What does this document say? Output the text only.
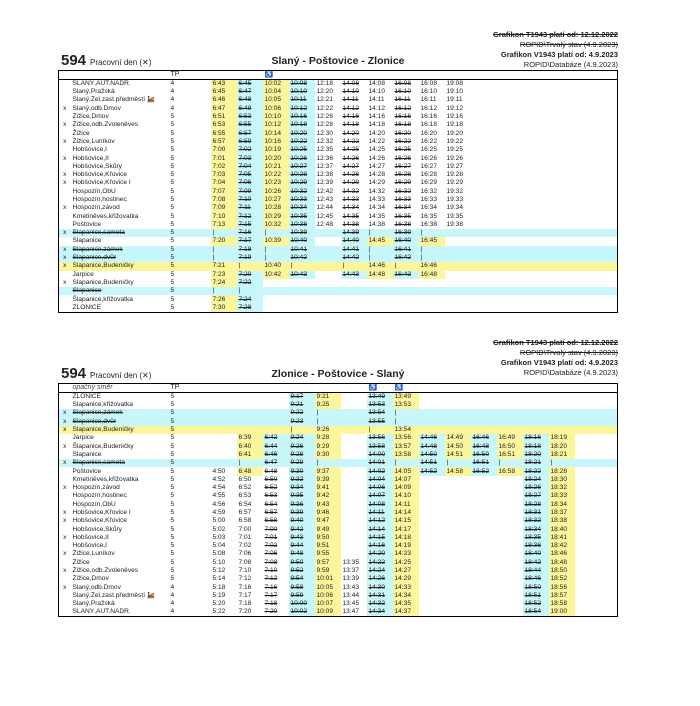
594 Pracovní den (✕)	Slaný - Poštovice - Zlonice
Grafikon T1943 platí od: 12.12.2022
ROPID\Trvalý stav (4.9.2023)
Grafikon V1943 platí od: 4.9.2023
ROPID\Databáze (4.9.2023)
		TP			♿								
	SLANÝ,AUT.NÁDR.	4	6:43	6:45	10:02	10:08	12:18	14:08	14:08	16:08	16:08	19:08	
	Slaný,Pražská	4	6:45	6:47	10:04	10:10	12:20	14:10	14:10	16:10	16:10	19:10	
	Slaný,Žel.zast.předměstí 🚂	4	6:46	6:48	10:05	10:11	12:21	14:11	14:11	16:11	16:11	19:11	
x	Slaný,odb.Dmov	4	6:47	6:49	10:06	10:12	12:22	14:12	14:12	16:12	16:12	19:12	
	Žižice,Dmov	5	6:51	6:53	10:10	10:16	12:26	14:16	14:16	16:16	16:16	19:16	
x	Žižice,odb.Zvoleněves	5	6:53	6:55	10:12	10:18	12:28	14:18	14:18	16:18	16:18	19:18	
	Žižice	5	6:55	6:57	10:14	10:20	12:30	14:20	14:20	16:20	16:20	19:20	
x	Žižice,Luníkov	5	6:57	6:59	10:16	10:22	12:32	14:22	14:22	16:22	16:22	19:22	
	Hobšovice,I	5	7:00	7:02	10:19	10:25	12:35	14:25	14:25	16:25	16:25	19:25	
x	Hobšovice,II	5	7:01	7:03	10:20	10:26	12:36	14:26	14:26	16:26	16:26	19:26	
	Hobšovice,Skůry	5	7:02	7:04	10:21	10:27	12:37	14:27	14:27	16:27	16:27	19:27	
x	Hobšovice,Křovice	5	7:03	7:05	10:22	10:28	12:38	14:28	14:28	16:28	16:28	19:28	
x	Hobšovice,Křovice I	5	7:04	7:06	10:23	10:29	12:39	14:29	14:29	16:29	16:29	19:29	
	Hospozín,ObÚ	5	7:07	7:09	10:26	10:32	12:42	14:32	14:32	16:32	16:32	19:32	
	Hospozín,hostinec	5	7:08	7:10	10:27	10:33	12:43	14:33	14:33	16:33	16:33	19:33	
x	Hospozín,závod	5	7:09	7:11	10:28	10:34	12:44	14:34	14:34	16:34	16:34	19:34	
	Kmetiněves,křižovatka	5	7:10	7:12	10:29	10:35	12:45	14:35	14:35	16:35	16:35	19:35	
	Poštovice	5	7:13	7:15	10:32	10:38	12:48	14:38	14:38	16:38	16:38	19:38	
x	Šlapanice,samota	5	|	7:16	|	10:39		14:39	|	16:39	|		
	Šlapanice	5	7:20	7:17	10:39	10:40		14:40	14:45	16:40	16:45		
x	Šlapanice,zámek	5	|	7:18	|	10:41		14:41	|	16:41	|		
x	Šlapanice,dvůr	5	|	7:19	|	10:42		14:42	|	16:42	|		
x	Šlapanice,Budeničky	5	7:21	|	10:40	|		|	14:46	|	16:46		
	Jarpice	5	7:23	7:20	10:42	10:43		14:43	14:48	16:43	16:48		
x	Šlapanice,Budeničky	5	7:24	7:22									
	Šlapanice	5	|	|									
	Šlapanice,křižovatka	5	7:26	7:24									
	ZLONICE	5	7:30	7:28									
594 Pracovní den (✕)	Zlonice - Poštovice - Slaný
Grafikon T1943 platí od: 12.12.2022
ROPID\Trvalý stav (4.9.2023)
Grafikon V1943 platí od: 4.9.2023
ROPID\Databáze (4.9.2023)
	opačný směr	TP							♿	♿							
	ZLONICE	5				9:17	9:21		13:49	13:49							
	Šlapanice,křižovatka	5				9:21	9:25		13:53	13:53							
x	Šlapanice,zámek	5				9:22	|		13:54	|							
x	Šlapanice,dvůr	5				9:23	|		13:55	|							
x	Šlapanice,Budeničky	5				|	9:26		|	13:54							
	Jarpice	5		6:39	6:42	9:24	9:28		13:56	13:56	14:46	14:49	16:46	16:49	18:16	18:19	
x	Šlapanice,Budeničky	5		6:40	6:44	9:26	9:29		13:58	13:57	14:48	14:50	16:48	16:50	18:18	18:20	
	Šlapanice	5		6:41	6:46	9:28	9:30		14:00	13:58	14:50	14:51	16:50	16:51	18:20	18:21	
x	Šlapanice,samota	5		|	6:47	9:29	|		14:01	|	14:51	|	16:51	|	18:21	|	
	Poštovice	5	4:50	6:48	6:48	9:30	9:37		14:02	14:05	14:52	14:58	16:52	16:58	18:22	18:28	
	Kmetiněves,křižovatka	5	4:52	6:50	6:50	9:32	9:39		14:04	14:07					18:24	18:30	
x	Hospozín,závod	5	4:54	6:52	6:52	9:34	9:41		14:06	14:09					18:26	18:32	
	Hospozín,hostinec	5	4:55	6:53	6:53	9:35	9:42		14:07	14:10					18:27	18:33	
	Hospozín,ObÚ	5	4:56	6:54	6:54	9:36	9:43		14:08	14:11					18:28	18:34	
x	Hobšovice,Křovice I	5	4:59	6:57	6:57	9:39	9:46		14:11	14:14					18:31	18:37	
x	Hobšovice,Křovice	5	5:00	6:58	6:58	9:40	9:47		14:12	14:15					18:32	18:38	
	Hobšovice,Skůry	5	5:02	7:00	7:00	9:42	9:49		14:14	14:17					18:34	18:40	
x	Hobšovice,II	5	5:03	7:01	7:01	9:43	9:50		14:15	14:18					18:35	18:41	
	Hobšovice,I	5	5:04	7:02	7:02	9:44	9:51		14:16	14:19					18:36	18:42	
x	Žižice,Luníkov	5	5:08	7:06	7:06	9:48	9:55		14:20	14:23					18:40	18:46	
	Žižice	5	5:10	7:08	7:08	9:50	9:57	13:35	14:22	14:25					18:42	18:48	
x	Žižice,odb.Zvoleněves	5	5:12	7:10	7:10	9:52	9:59	13:37	14:24	14:27					18:44	18:50	
	Žižice,Dmov	5	5:14	7:12	7:12	9:54	10:01	13:39	14:26	14:29					18:46	18:52	
x	Slaný,odb.Dmov	4	5:18	7:16	7:16	9:58	10:05	13:43	14:30	14:33					18:50	18:56	
	Slaný,Žel.zast.předměstí 🚂	4	5:19	7:17	7:17	9:59	10:06	13:44	14:31	14:34					18:51	18:57	
	Slaný,Pražská	4	5:20	7:18	7:18	10:00	10:07	13:45	14:32	14:35					18:52	18:58	
	SLANÝ,AUT.NÁDR.	4	5:22	7:20	7:20	10:02	10:09	13:47	14:34	14:37					18:54	19:00	
